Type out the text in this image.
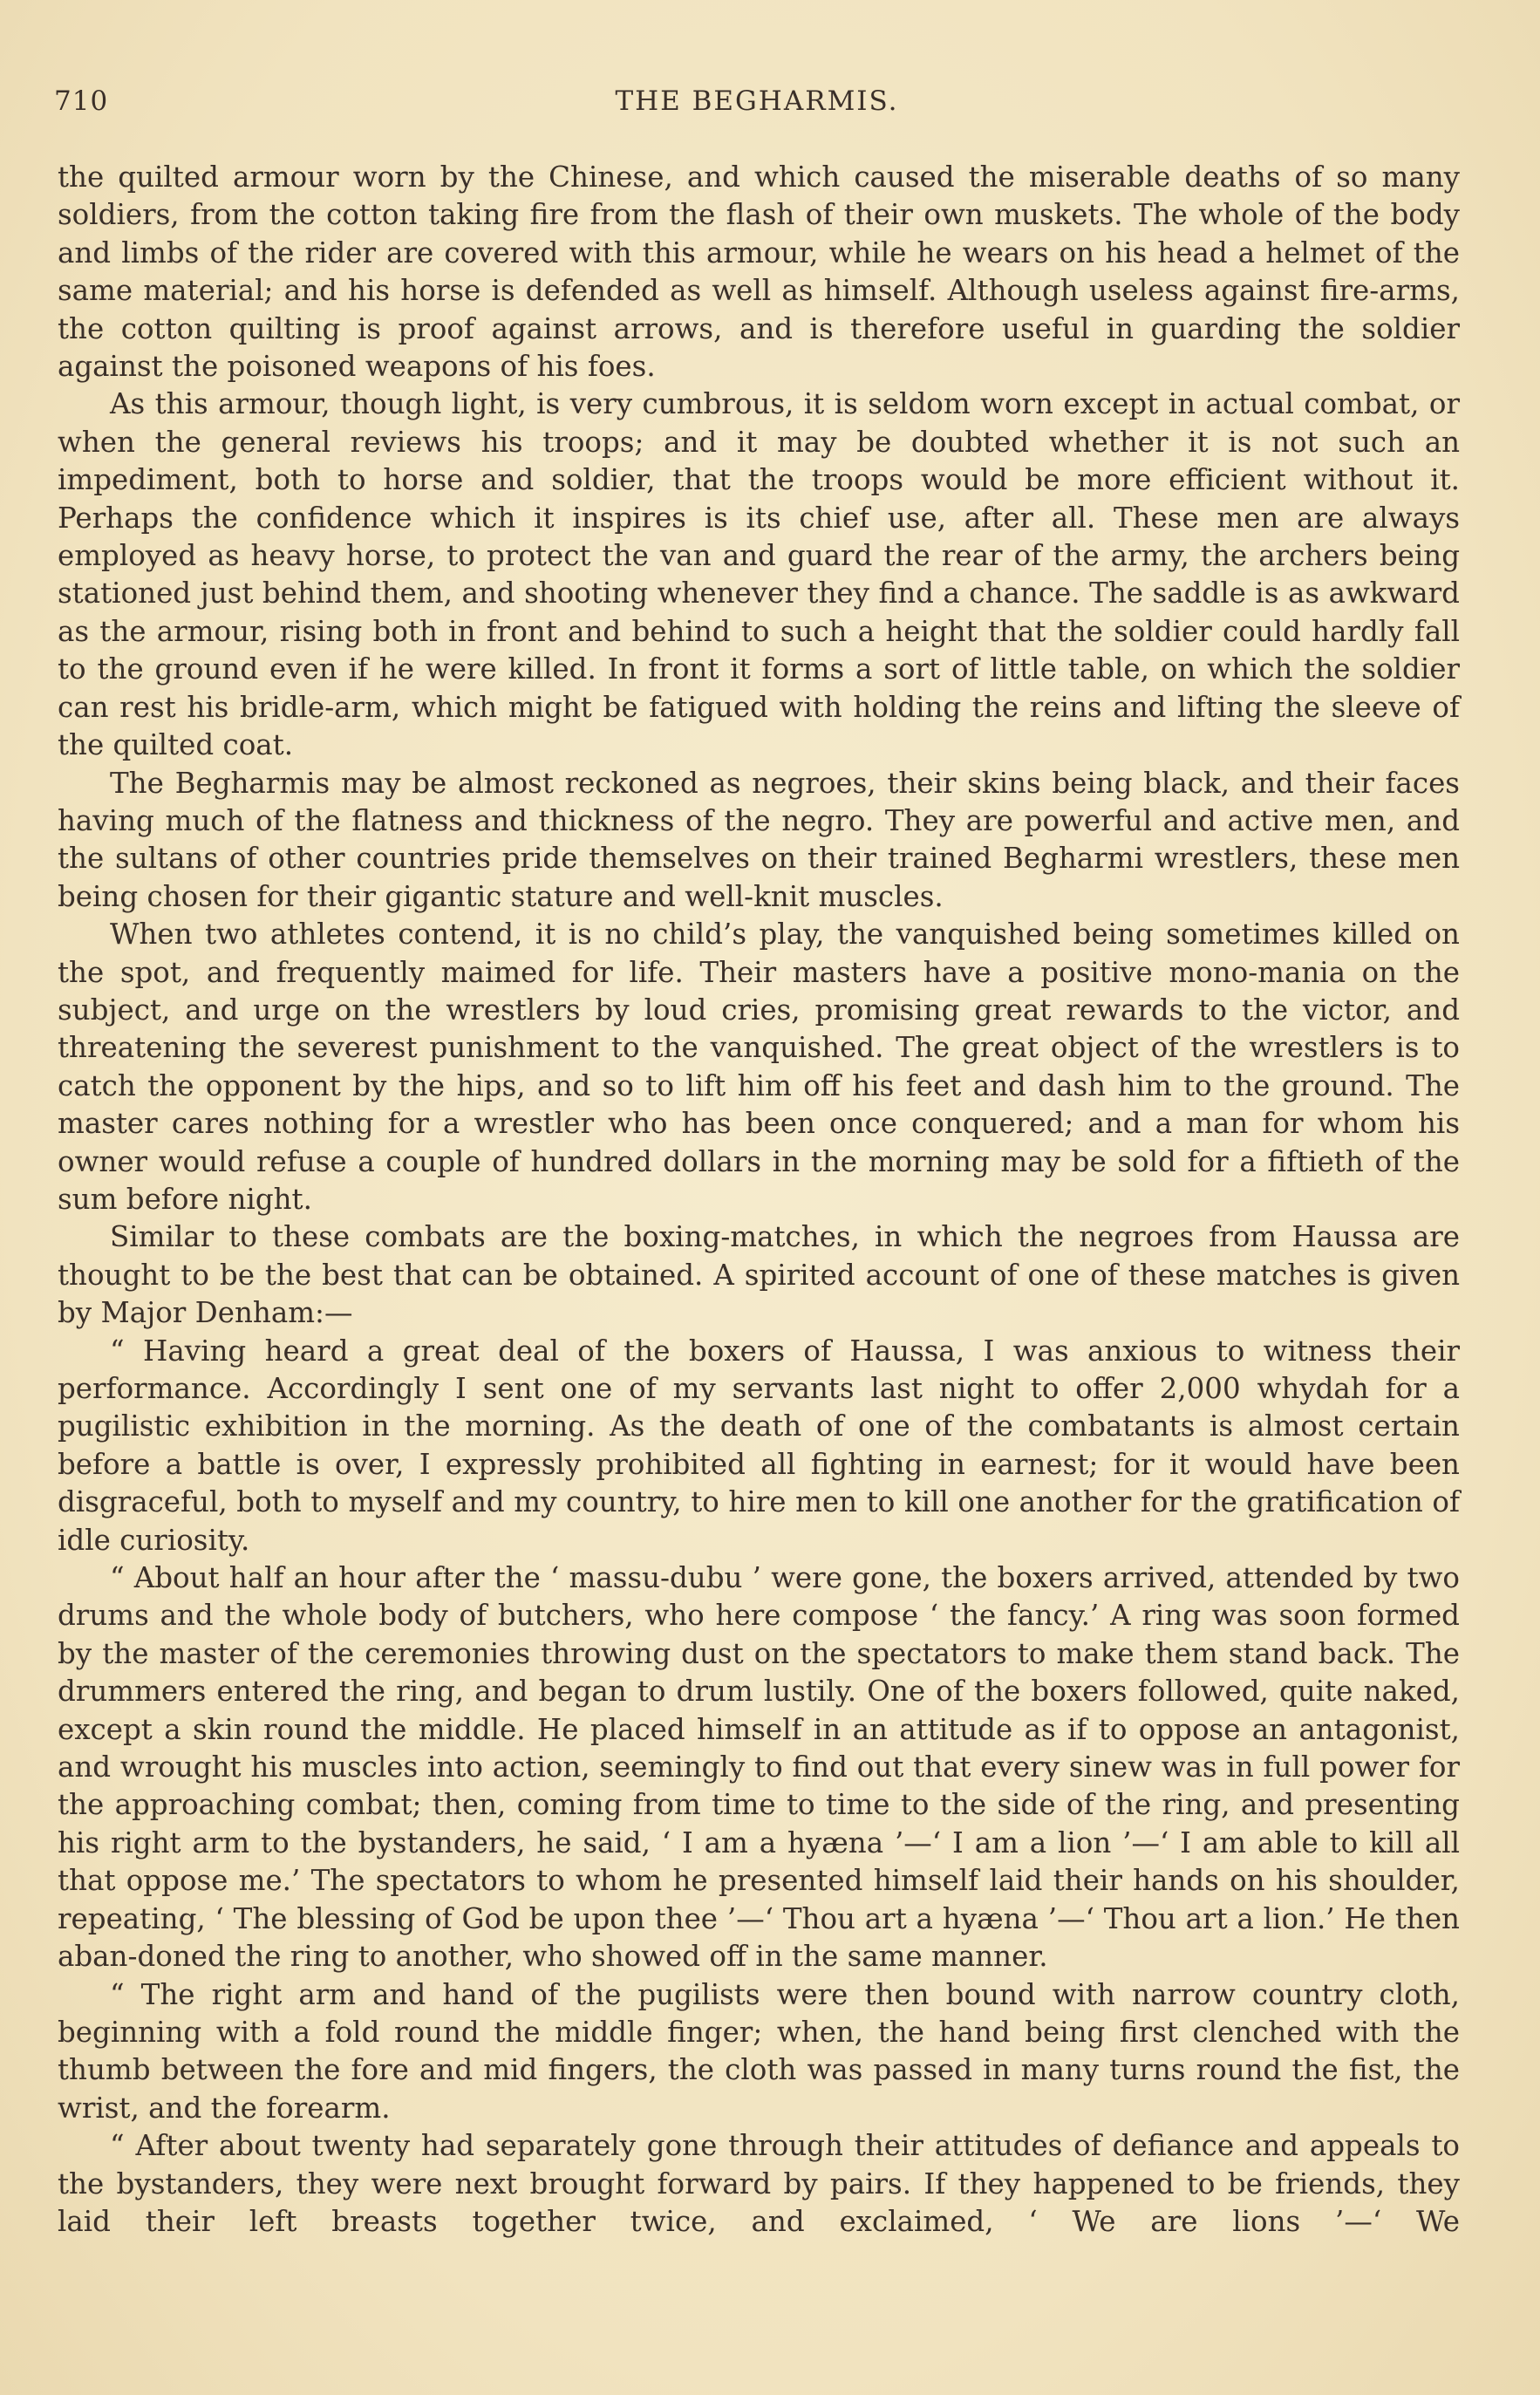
710	THE BEGHARMIS.

the quilted armour worn by the Chinese, and which caused the miserable deaths of so many soldiers, from the cotton taking fire from the flash of their own muskets. The whole of the body and limbs of the rider are covered with this armour, while he wears on his head a helmet of the same material; and his horse is defended as well as himself. Although useless against fire-arms, the cotton quilting is proof against arrows, and is therefore useful in guarding the soldier against the poisoned weapons of his foes.

As this armour, though light, is very cumbrous, it is seldom worn except in actual combat, or when the general reviews his troops; and it may be doubted whether it is not such an impediment, both to horse and soldier, that the troops would be more efficient without it. Perhaps the confidence which it inspires is its chief use, after all. These men are always employed as heavy horse, to protect the van and guard the rear of the army, the archers being stationed just behind them, and shooting whenever they find a chance. The saddle is as awkward as the armour, rising both in front and behind to such a height that the soldier could hardly fall to the ground even if he were killed. In front it forms a sort of little table, on which the soldier can rest his bridle-arm, which might be fatigued with holding the reins and lifting the sleeve of the quilted coat.

The Begharmis may be almost reckoned as negroes, their skins being black, and their faces having much of the flatness and thickness of the negro. They are powerful and active men, and the sultans of other countries pride themselves on their trained Begharmi wrestlers, these men being chosen for their gigantic stature and well-knit muscles.

When two athletes contend, it is no child’s play, the vanquished being sometimes killed on the spot, and frequently maimed for life. Their masters have a positive mono-mania on the subject, and urge on the wrestlers by loud cries, promising great rewards to the victor, and threatening the severest punishment to the vanquished. The great object of the wrestlers is to catch the opponent by the hips, and so to lift him off his feet and dash him to the ground. The master cares nothing for a wrestler who has been once conquered; and a man for whom his owner would refuse a couple of hundred dollars in the morning may be sold for a fiftieth of the sum before night.

Similar to these combats are the boxing-matches, in which the negroes from Haussa are thought to be the best that can be obtained. A spirited account of one of these matches is given by Major Denham:—

“ Having heard a great deal of the boxers of Haussa, I was anxious to witness their performance. Accordingly I sent one of my servants last night to offer 2,000 whydah for a pugilistic exhibition in the morning. As the death of one of the combatants is almost certain before a battle is over, I expressly prohibited all fighting in earnest; for it would have been disgraceful, both to myself and my country, to hire men to kill one another for the gratification of idle curiosity.

“ About half an hour after the ‘ massu-dubu ’ were gone, the boxers arrived, attended by two drums and the whole body of butchers, who here compose ‘ the fancy.’ A ring was soon formed by the master of the ceremonies throwing dust on the spectators to make them stand back. The drummers entered the ring, and began to drum lustily. One of the boxers followed, quite naked, except a skin round the middle. He placed himself in an attitude as if to oppose an antagonist, and wrought his muscles into action, seemingly to find out that every sinew was in full power for the approaching combat; then, coming from time to time to the side of the ring, and presenting his right arm to the bystanders, he said, ‘ I am a hyæna ’—‘ I am a lion ’—‘ I am able to kill all that oppose me.’ The spectators to whom he presented himself laid their hands on his shoulder, repeating, ‘ The blessing of God be upon thee ’—‘ Thou art a hyæna ’—‘ Thou art a lion.’ He then aban-doned the ring to another, who showed off in the same manner.

“ The right arm and hand of the pugilists were then bound with narrow country cloth, beginning with a fold round the middle finger; when, the hand being first clenched with the thumb between the fore and mid fingers, the cloth was passed in many turns round the fist, the wrist, and the forearm.

“ After about twenty had separately gone through their attitudes of defiance and appeals to the bystanders, they were next brought forward by pairs. If they happened to be friends, they laid their left breasts together twice, and exclaimed, ‘ We are lions ’—‘ We
